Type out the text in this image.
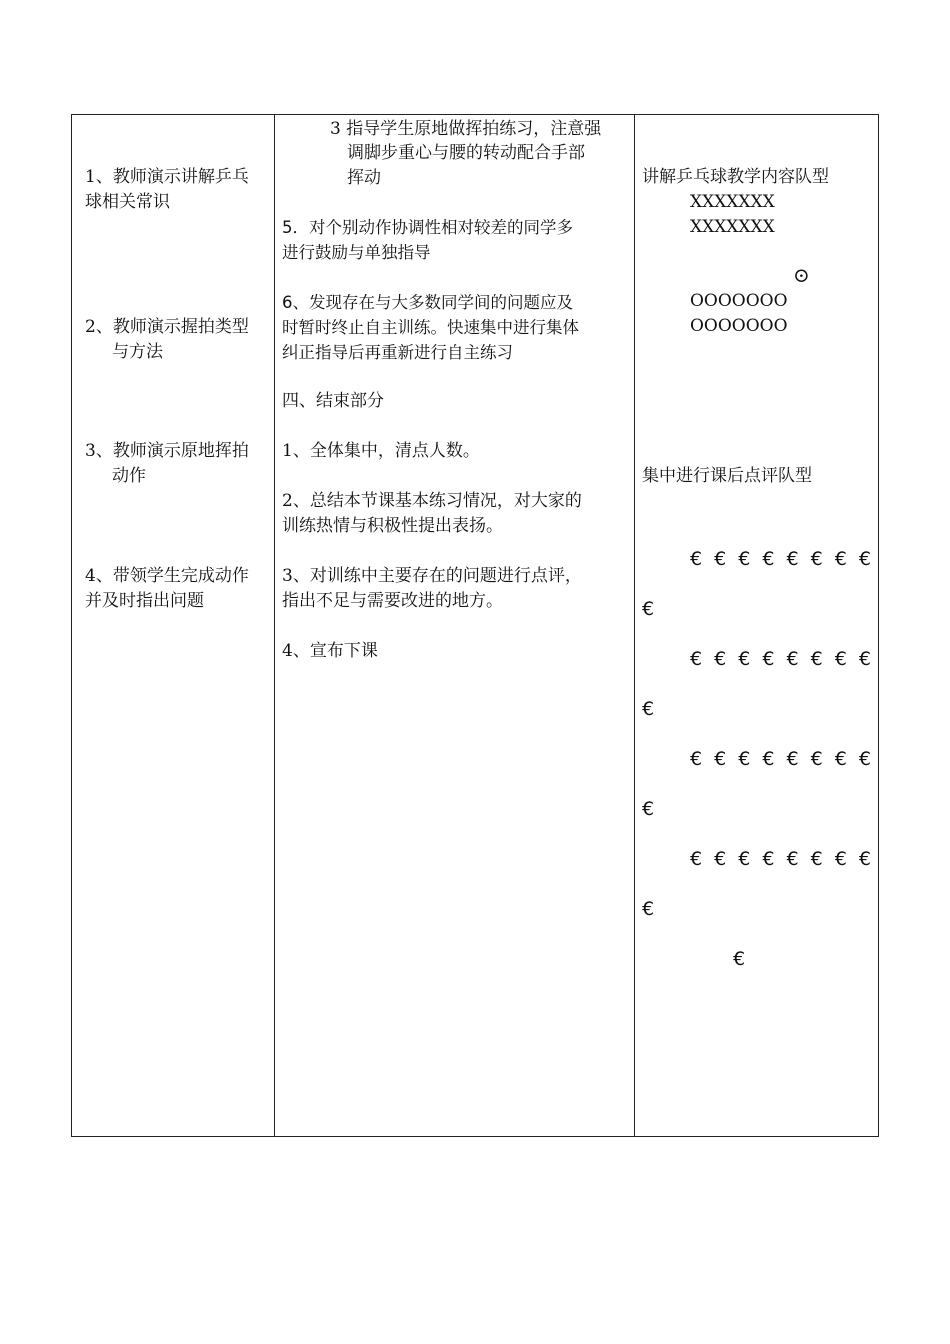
1、教师演示讲解乒乓
球相关常识
2、教师演示握拍类型
与方法
3、教师演示原地挥拍
动作
4、带领学生完成动作
并及时指出问题
3 指导学生原地做挥拍练习，注意强
调脚步重心与腰的转动配合手部
挥动
5．对个别动作协调性相对较差的同学多
进行鼓励与单独指导
6、发现存在与大多数同学间的问题应及
时暂时终止自主训练。快速集中进行集体
纠正指导后再重新进行自主练习
四、结束部分
1、全体集中，清点人数。
2、总结本节课基本练习情况，对大家的
训练热情与积极性提出表扬。
3、对训练中主要存在的问题进行点评，
指出不足与需要改进的地方。
4、宣布下课
讲解乒乓球教学内容队型
XXXXXXX
XXXXXXX
⊙
OOOOOOO
OOOOOOO
集中进行课后点评队型
€ € € € € € € €
€
€ € € € € € € €
€
€ € € € € € € €
€
€ € € € € € € €
€
€
